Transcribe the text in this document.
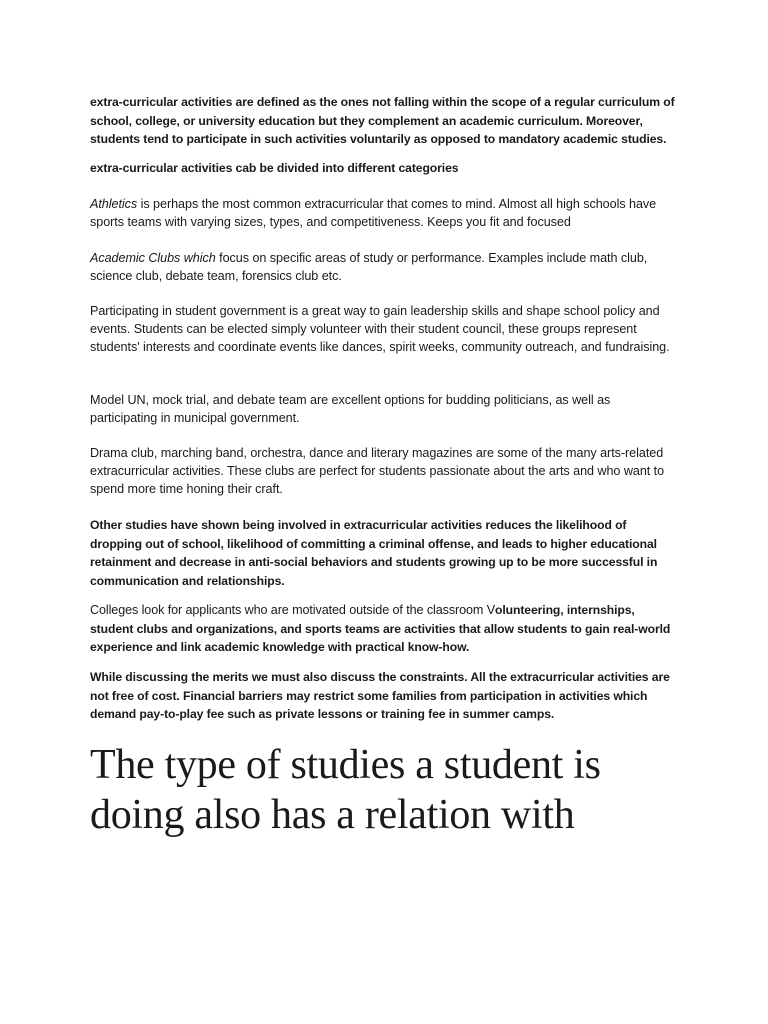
extra-curricular activities are defined as the ones not falling within the scope of a regular curriculum of school, college, or university education but they complement an academic curriculum. Moreover, students tend to participate in such activities voluntarily as opposed to mandatory academic studies.

extra-curricular activities cab be divided into different categories

Athletics is perhaps the most common extracurricular that comes to mind. Almost all high schools have sports teams with varying sizes, types, and competitiveness. Keeps you fit and focused

Academic Clubs which focus on specific areas of study or performance. Examples include math club, science club, debate team, forensics club etc.

Participating in student government is a great way to gain leadership skills and shape school policy and events. Students can be elected simply volunteer with their student council, these groups represent students' interests and coordinate events like dances, spirit weeks, community outreach, and fundraising.

Model UN, mock trial, and debate team are excellent options for budding politicians, as well as participating in municipal government.

Drama club, marching band, orchestra, dance and literary magazines are some of the many arts-related extracurricular activities. These clubs are perfect for students passionate about the arts and who want to spend more time honing their craft.

Other studies have shown being involved in extracurricular activities reduces the likelihood of dropping out of school, likelihood of committing a criminal offense, and leads to higher educational retainment and decrease in anti-social behaviors and students growing up to be more successful in communication and relationships.

Colleges look for applicants who are motivated outside of the classroom Volunteering, internships, student clubs and organizations, and sports teams are activities that allow students to gain real-world experience and link academic knowledge with practical know-how.

While discussing the merits we must also discuss the constraints. All the extracurricular activities are not free of cost. Financial barriers may restrict some families from participation in activities which demand pay-to-play fee such as private lessons or training fee in summer camps.

The type of studies a student is doing also has a relation with
